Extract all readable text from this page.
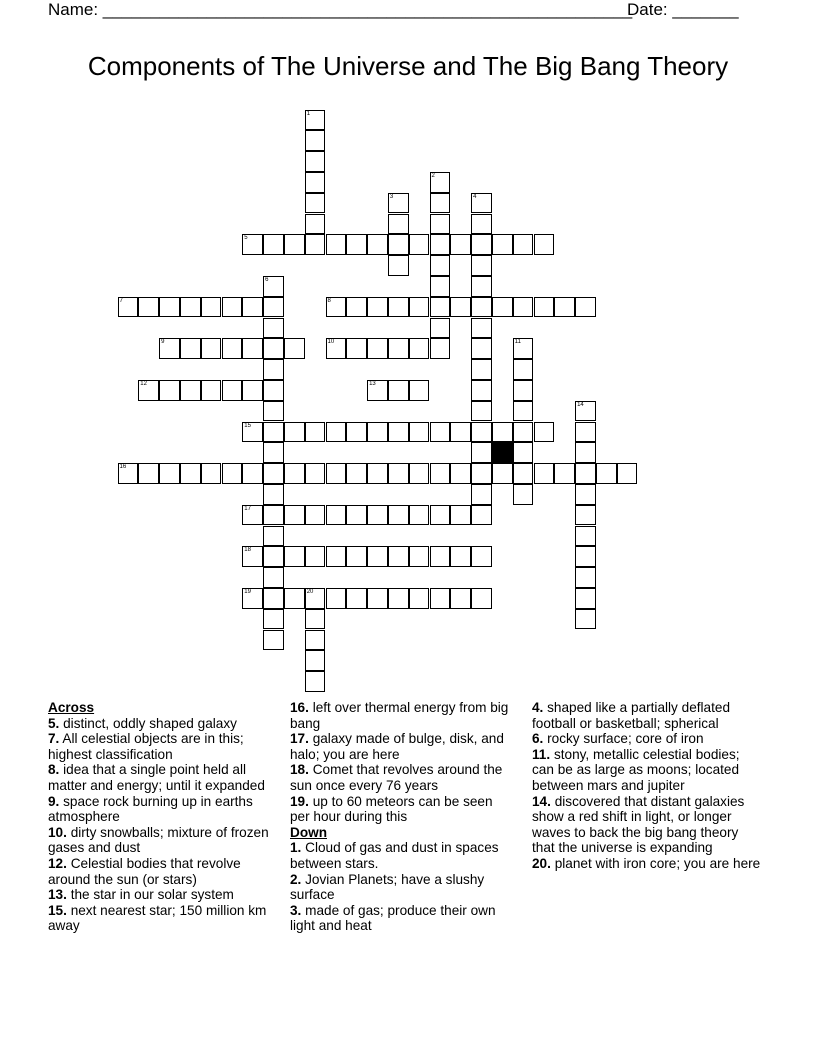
Name: ________________________________________________________
Date: _______
Components of The Universe and The Big Bang Theory
1
2
3	4
5
6
7	8
9	10	11
12	13
14
15
16
17
18
19	20

Across

5. distinct, oddly shaped galaxy

7. All celestial objects are in this; highest classification

8. idea that a single point held all matter and energy; until it expanded

9. space rock burning up in earths atmosphere

10. dirty snowballs; mixture of frozen gases and dust

12. Celestial bodies that revolve around the sun (or stars)

13. the star in our solar system

15. next nearest star; 150 million km away

16. left over thermal energy from big bang

17. galaxy made of bulge, disk, and halo; you are here

18. Comet that revolves around the sun once every 76 years

19. up to 60 meteors can be seen per hour during this

Down

1. Cloud of gas and dust in spaces between stars.

2. Jovian Planets; have a slushy surface

3. made of gas; produce their own light and heat

4. shaped like a partially deflated football or basketball; spherical

6. rocky surface; core of iron

11. stony, metallic celestial bodies; can be as large as moons; located between mars and jupiter

14. discovered that distant galaxies show a red shift in light, or longer waves to back the big bang theory that the universe is expanding

20. planet with iron core; you are here
